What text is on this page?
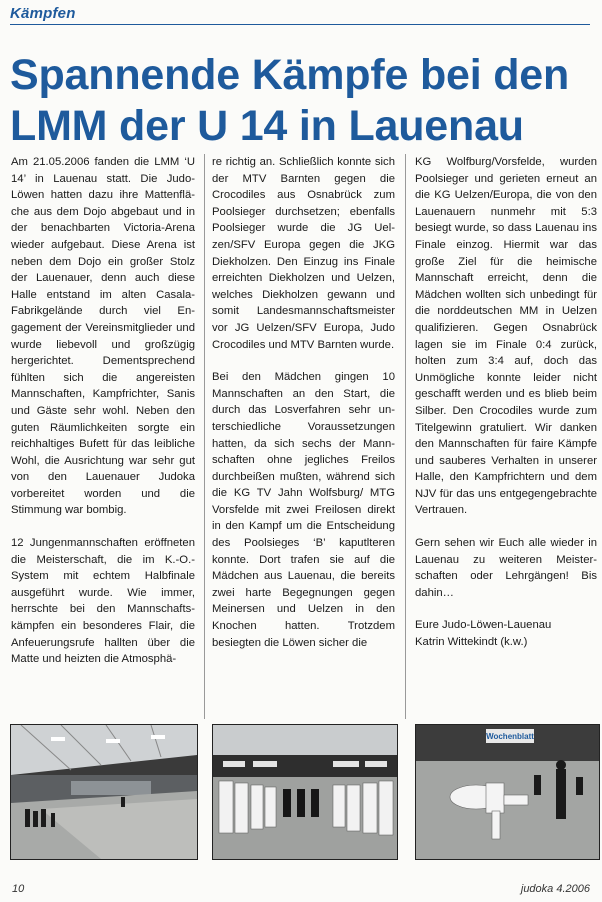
Kämpfen
Spannende Kämpfe bei den LMM der U 14 in Lauenau

Am 21.05.2006 fanden die LMM ‘U 14’ in Lauenau statt. Die Judo-Löwen hatten dazu ihre Mattenfläche aus dem Dojo abgebaut und in der benachbarten Victoria-Arena wieder aufgebaut. Diese Arena ist neben dem Dojo ein großer Stolz der Lauenauer, denn auch diese Halle entstand im alten Casala-Fabrikgelände durch viel Engagement der Vereinsmitglieder und wurde liebevoll und großzügig hergerichtet. Dementsprechend fühlten sich die angereisten Mannschaften, Kampfrichter, Sanis und Gäste sehr wohl. Neben den guten Räumlichkeiten sorgte ein reichhaltiges Bufett für das leibliche Wohl, die Ausrichtung war sehr gut von den Lauenauer Judoka vorbereitet worden und die Stimmung war bombig.

12 Jungenmannschaften eröffneten die Meisterschaft, die im K.-O.-System mit echtem Halbfinale ausgeführt wurde. Wie immer, herrschte bei den Mannschaftskämpfen ein besonderes Flair, die Anfeuerungsrufe hallten über die Matte und heizten die Atmosphä-

re richtig an. Schließlich konnte sich der MTV Barnten gegen die Crocodiles aus Osnabrück zum Poolsieger durchsetzen; ebenfalls Poolsieger wurde die JG Uelzen/SFV Europa gegen die JKG Diekholzen. Den Einzug ins Finale erreichten Diekholzen und Uelzen, welches Diekholzen gewann und somit Landesmannschaftsmeister vor JG Uelzen/SFV Europa, Judo Crocodiles und MTV Barnten wurde.

Bei den Mädchen gingen 10 Mannschaften an den Start, die durch das Losverfahren sehr unterschiedliche Voraussetzungen hatten, da sich sechs der Mannschaften ohne jegliches Freilos durchbeißen mußten, während sich die KG TV Jahn Wolfsburg/ MTG Vorsfelde mit zwei Freilosen direkt in den Kampf um die Entscheidung des Poolsieges ‘B’ kaputlteren konnte. Dort trafen sie auf die Mädchen aus Lauenau, die bereits zwei harte Begegnungen gegen Meinersen und Uelzen in den Knochen hatten. Trotzdem besiegten die Löwen sicher die

KG Wolfburg/Vorsfelde, wurden Poolsieger und gerieten erneut an die KG Uelzen/Europa, die von den Lauenauern nunmehr mit 5:3 besiegt wurde, so dass Lauenau ins Finale einzog. Hiermit war das große Ziel für die heimische Mannschaft erreicht, denn die Mädchen wollten sich unbedingt für die norddeutschen MM in Uelzen qualifizieren. Gegen Osnabrück lagen sie im Finale 0:4 zurück, holten zum 3:4 auf, doch das Unmögliche konnte leider nicht geschafft werden und es blieb beim Silber. Den Crocodiles wurde zum Titelgewinn gratuliert. Wir danken den Mannschaften für faire Kämpfe und sauberes Verhalten in unserer Halle, den Kampfrichtern und dem NJV für das uns entgegengebrachte Vertrauen.

Gern sehen wir Euch alle wieder in Lauenau zu weiteren Meisterschaften oder Lehrgängen! Bis dahin…

Eure Judo-Löwen-Lauenau
Katrin Wittekindt (k.w.)

Wochenblatt
10	judoka 4.2006
